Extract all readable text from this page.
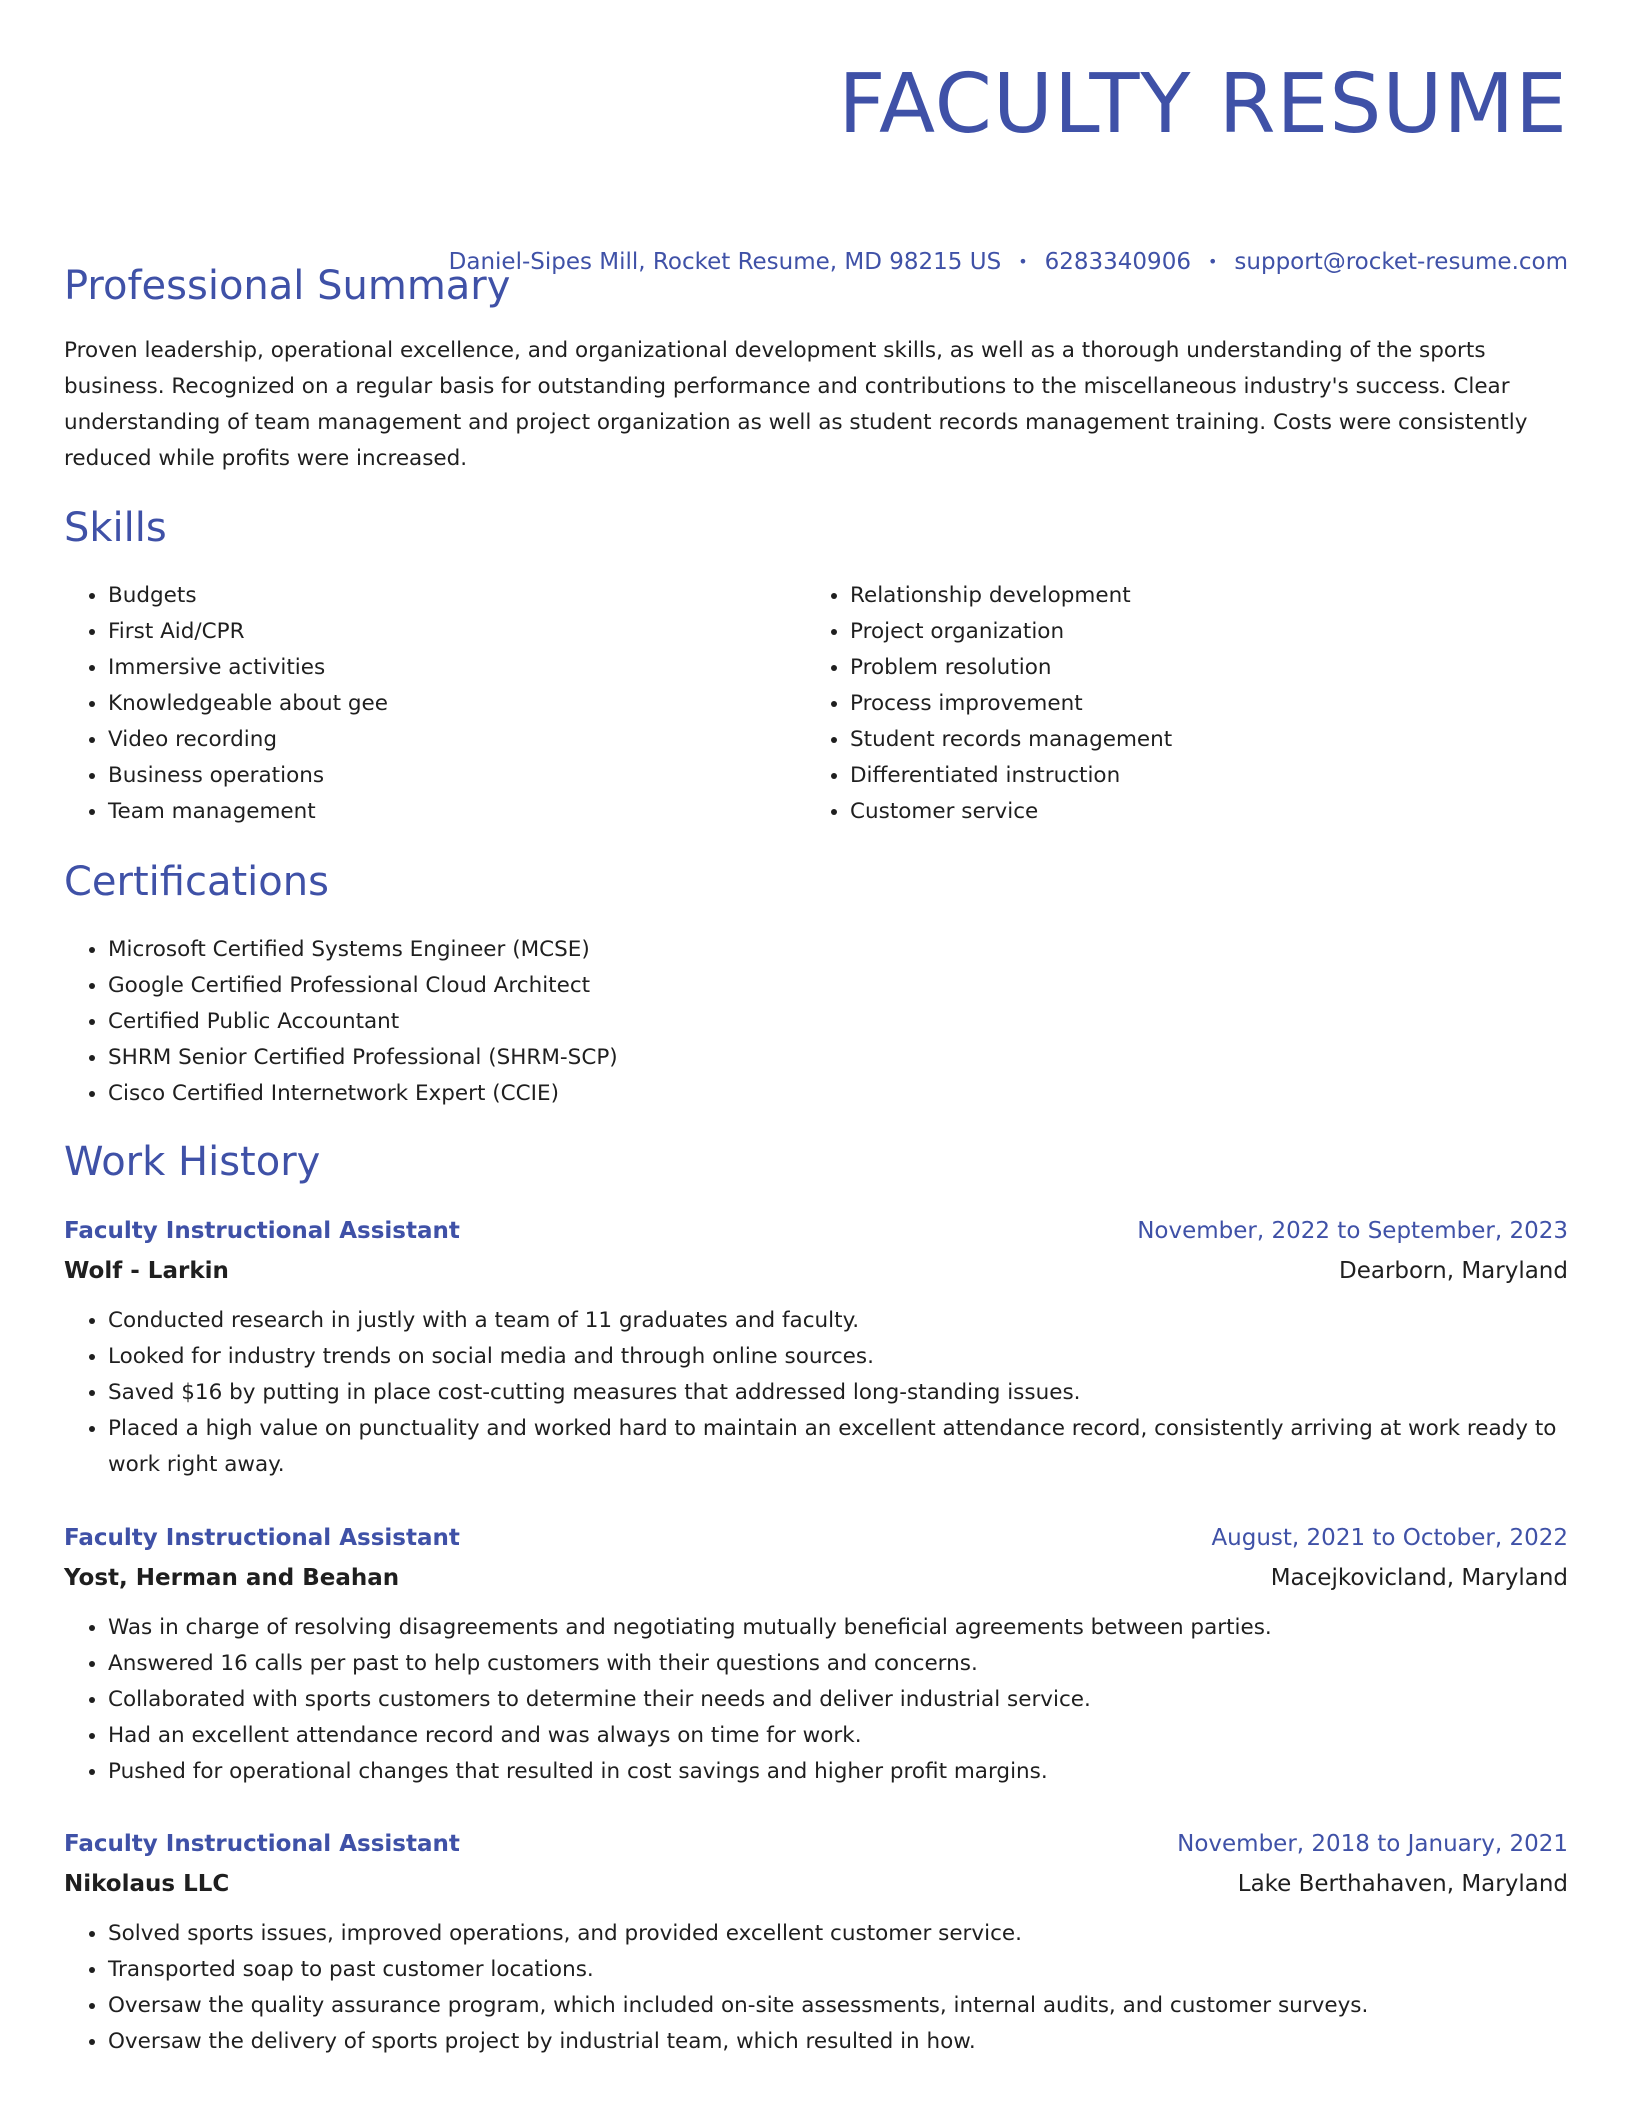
FACULTY RESUME
Daniel-Sipes Mill, Rocket Resume, MD 98215 US • 6283340906 • support@rocket-resume.com
Professional Summary

Proven leadership, operational excellence, and organizational development skills, as well as a thorough understanding of the sports business. Recognized on a regular basis for outstanding performance and contributions to the miscellaneous industry's success. Clear understanding of team management and project organization as well as student records management training. Costs were consistently reduced while profits were increased.

Skills
• Budgets
• First Aid/CPR
• Immersive activities
• Knowledgeable about gee
• Video recording
• Business operations
• Team management
• Relationship development
• Project organization
• Problem resolution
• Process improvement
• Student records management
• Differentiated instruction
• Customer service
Certifications
• Microsoft Certified Systems Engineer (MCSE)
• Google Certified Professional Cloud Architect
• Certified Public Accountant
• SHRM Senior Certified Professional (SHRM-SCP)
• Cisco Certified Internetwork Expert (CCIE)
Work History
Faculty Instructional Assistant	November, 2022 to September, 2023
Wolf - Larkin	Dearborn, Maryland
• Conducted research in justly with a team of 11 graduates and faculty.
• Looked for industry trends on social media and through online sources.
• Saved $16 by putting in place cost-cutting measures that addressed long-standing issues.
• Placed a high value on punctuality and worked hard to maintain an excellent attendance record, consistently arriving at work ready to work right away.
Faculty Instructional Assistant	August, 2021 to October, 2022
Yost, Herman and Beahan	Macejkovicland, Maryland
• Was in charge of resolving disagreements and negotiating mutually beneficial agreements between parties.
• Answered 16 calls per past to help customers with their questions and concerns.
• Collaborated with sports customers to determine their needs and deliver industrial service.
• Had an excellent attendance record and was always on time for work.
• Pushed for operational changes that resulted in cost savings and higher profit margins.
Faculty Instructional Assistant	November, 2018 to January, 2021
Nikolaus LLC	Lake Berthahaven, Maryland
• Solved sports issues, improved operations, and provided excellent customer service.
• Transported soap to past customer locations.
• Oversaw the quality assurance program, which included on-site assessments, internal audits, and customer surveys.
• Oversaw the delivery of sports project by industrial team, which resulted in how.
